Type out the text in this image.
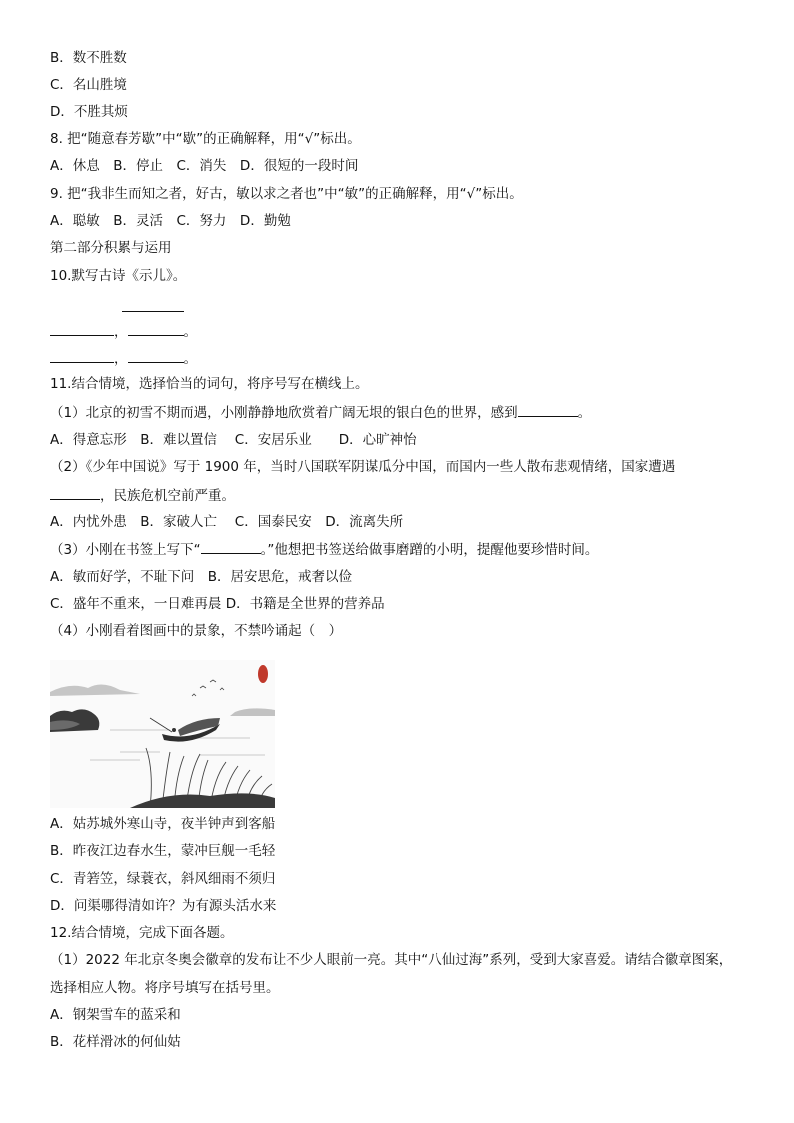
B．数不胜数
C．名山胜境
D．不胜其烦
8. 把“随意春芳歇”中“歇”的正确解释，用“√”标出。
A．休息　B．停止　C．消失　D．很短的一段时间
9. 把“我非生而知之者，好古，敏以求之者也”中“敏”的正确解释，用“√”标出。
A．聪敏　B．灵活　C．努力　D．勤勉
第二部分积累与运用
10.默写古诗《示儿》。
，	。
，	。
11.结合情境，选择恰当的词句，将序号写在横线上。
（1）北京的初雪不期而遇，小刚静静地欣赏着广阔无垠的银白色的世界，感到	。
A．得意忘形　B．难以置信　 C．安居乐业　　D．心旷神怡
（2）《少年中国说》写于 1900 年，当时八国联军阴谋瓜分中国，而国内一些人散布悲观情绪，国家遭遇
，民族危机空前严重。
A．内忧外患　B．家破人亡　 C．国泰民安　D．流离失所
（3）小刚在书签上写下“	。”他想把书签送给做事磨蹭的小明，提醒他要珍惜时间。
A．敏而好学，不耻下问　B．居安思危，戒奢以俭
C．盛年不重来，一日难再晨 D．书籍是全世界的营养品
（4）小刚看着图画中的景象，不禁吟诵起（　）
A．姑苏城外寒山寺，夜半钟声到客船
B．昨夜江边春水生，蒙冲巨舰一毛轻
C．青箬笠，绿蓑衣，斜风细雨不须归
D．问渠哪得清如许？为有源头活水来
12.结合情境，完成下面各题。
（1）2022 年北京冬奥会徽章的发布让不少人眼前一亮。其中“八仙过海”系列，受到大家喜爱。请结合徽章图案，
选择相应人物。将序号填写在括号里。
A．钢架雪车的蓝采和
B．花样滑冰的何仙姑
